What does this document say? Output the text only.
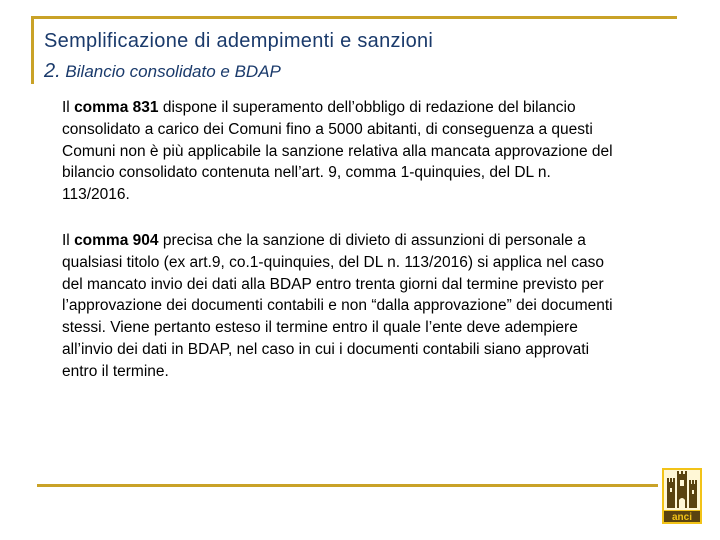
Semplificazione di adempimenti e sanzioni
2. Bilancio consolidato e BDAP
Il comma 831 dispone il superamento dell’obbligo di redazione del bilancio consolidato a carico dei Comuni fino a 5000 abitanti, di conseguenza a questi Comuni non è più applicabile la sanzione relativa alla mancata approvazione del bilancio consolidato contenuta nell’art. 9, comma 1-quinquies, del DL n. 113/2016.
Il comma 904 precisa che la sanzione di divieto di assunzioni di personale a qualsiasi titolo (ex art.9, co.1-quinquies, del DL n. 113/2016) si applica nel caso del mancato invio dei dati alla BDAP entro trenta giorni dal termine previsto per l’approvazione dei documenti contabili e non “dalla approvazione” dei documenti stessi. Viene pertanto esteso il termine entro il quale l’ente deve adempiere all’invio dei dati in BDAP, nel caso in cui i documenti contabili siano approvati entro il termine.
anci
